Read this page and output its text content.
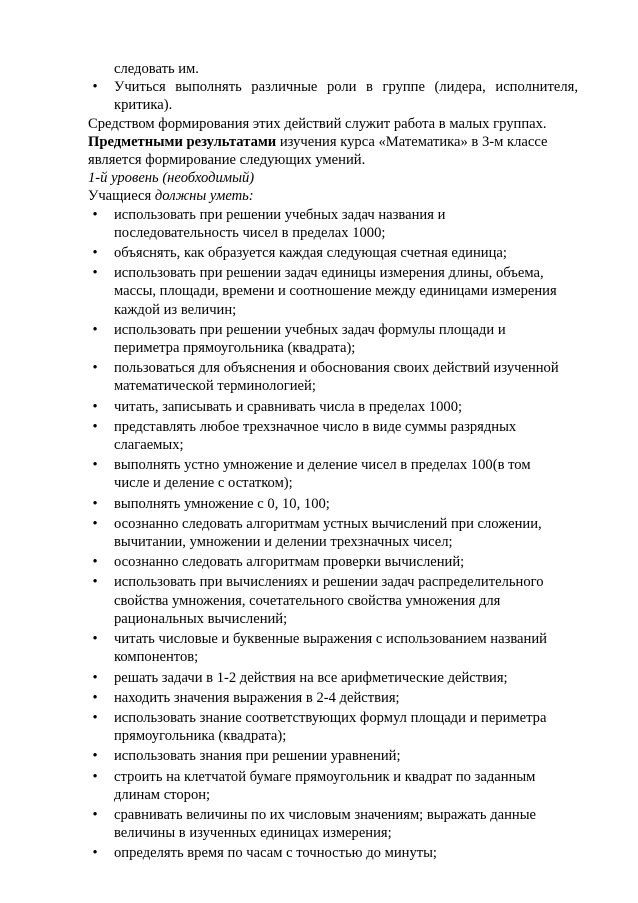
следовать им.

•	Учиться выполнять различные роли в группе (лидера, исполнителя,
критика).

Средством формирования этих действий служит работа в малых группах.

Предметными результатами изучения курса «Математика» в 3-м классе

является формирование следующих умений.

1-й уровень (необходимый)

Учащиеся должны уметь:

•	использовать при решении учебных задач названия и
последовательность чисел в пределах 1000;
•	объяснять, как образуется каждая следующая счетная единица;
•	использовать при решении задач единицы измерения длины, объема,
массы, площади, времени и соотношение между единицами измерения
каждой из величин;
•	использовать при решении учебных задач формулы площади и
периметра прямоугольника (квадрата);
•	пользоваться для объяснения и обоснования своих действий изученной
математической терминологией;
•	читать, записывать и сравнивать числа в пределах 1000;
•	представлять любое трехзначное число в виде суммы разрядных
слагаемых;
•	выполнять устно умножение и деление чисел в пределах 100(в том
числе и деление с остатком);
•	выполнять умножение с 0, 10, 100;
•	осознанно следовать алгоритмам устных вычислений при сложении,
вычитании, умножении и делении трехзначных чисел;
•	осознанно следовать алгоритмам проверки вычислений;
•	использовать при вычислениях и решении задач распределительного
свойства умножения, сочетательного свойства умножения для
рациональных вычислений;
•	читать числовые и буквенные выражения с использованием названий
компонентов;
•	решать задачи в 1-2 действия на все арифметические действия;
•	находить значения выражения в 2-4 действия;
•	использовать знание соответствующих формул площади и периметра
прямоугольника (квадрата);
•	использовать знания при решении уравнений;
•	строить на клетчатой бумаге прямоугольник и квадрат по заданным
длинам сторон;
•	сравнивать величины по их числовым значениям; выражать данные
величины в изученных единицах измерения;
•	определять время по часам с точностью до минуты;
